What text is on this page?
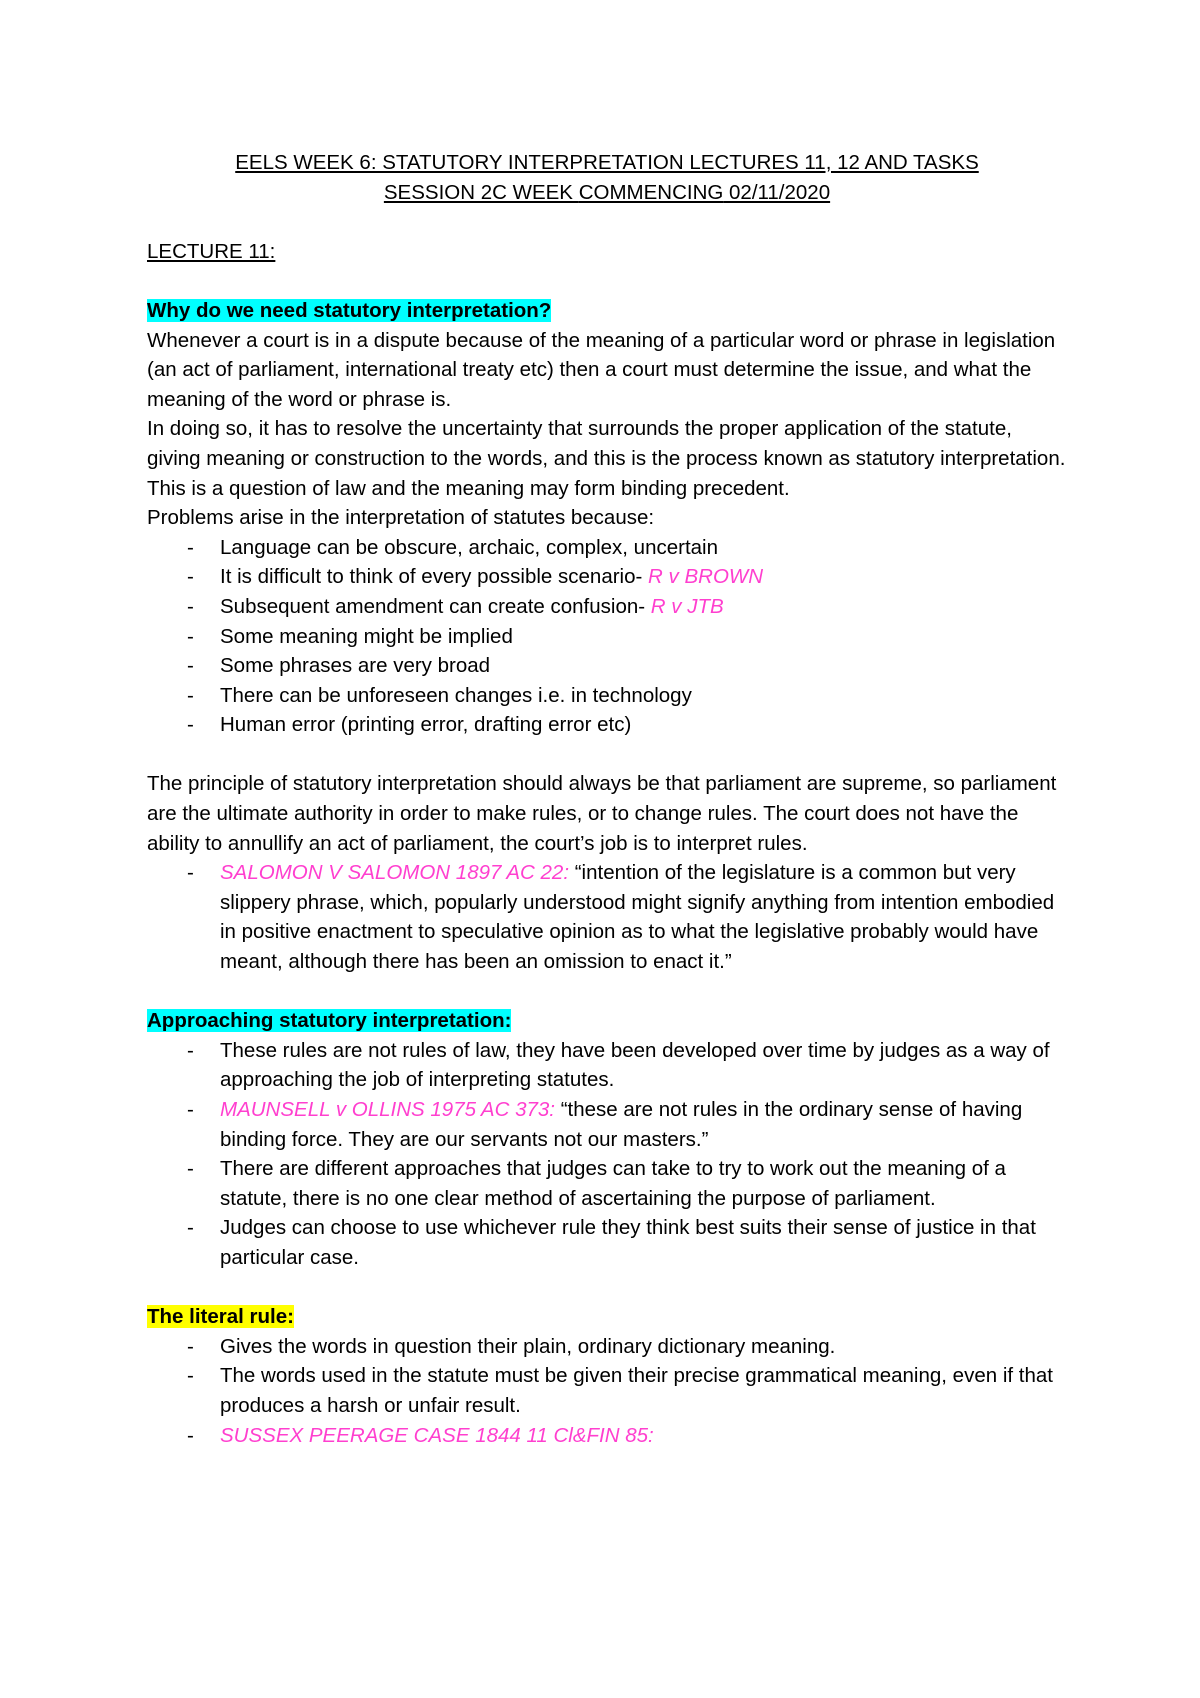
EELS WEEK 6: STATUTORY INTERPRETATION LECTURES 11, 12 AND TASKS

SESSION 2C WEEK COMMENCING 02/11/2020

LECTURE 11:

Why do we need statutory interpretation?

Whenever a court is in a dispute because of the meaning of a particular word or phrase in legislation (an act of parliament, international treaty etc) then a court must determine the issue, and what the meaning of the word or phrase is.

In doing so, it has to resolve the uncertainty that surrounds the proper application of the statute, giving meaning or construction to the words, and this is the process known as statutory interpretation.

This is a question of law and the meaning may form binding precedent.

Problems arise in the interpretation of statutes because:

- Language can be obscure, archaic, complex, uncertain
- It is difficult to think of every possible scenario- R v BROWN
- Subsequent amendment can create confusion- R v JTB
- Some meaning might be implied
- Some phrases are very broad
- There can be unforeseen changes i.e. in technology
- Human error (printing error, drafting error etc)

The principle of statutory interpretation should always be that parliament are supreme, so parliament are the ultimate authority in order to make rules, or to change rules. The court does not have the ability to annullify an act of parliament, the court’s job is to interpret rules.

- SALOMON V SALOMON 1897 AC 22: “intention of the legislature is a common but very slippery phrase, which, popularly understood might signify anything from intention embodied in positive enactment to speculative opinion as to what the legislative probably would have meant, although there has been an omission to enact it.”

Approaching statutory interpretation:

- These rules are not rules of law, they have been developed over time by judges as a way of approaching the job of interpreting statutes.
- MAUNSELL v OLLINS 1975 AC 373: “these are not rules in the ordinary sense of having binding force. They are our servants not our masters.”
- There are different approaches that judges can take to try to work out the meaning of a statute, there is no one clear method of ascertaining the purpose of parliament.
- Judges can choose to use whichever rule they think best suits their sense of justice in that particular case.

The literal rule:

- Gives the words in question their plain, ordinary dictionary meaning.
- The words used in the statute must be given their precise grammatical meaning, even if that produces a harsh or unfair result.
- SUSSEX PEERAGE CASE 1844 11 Cl&FIN 85:
